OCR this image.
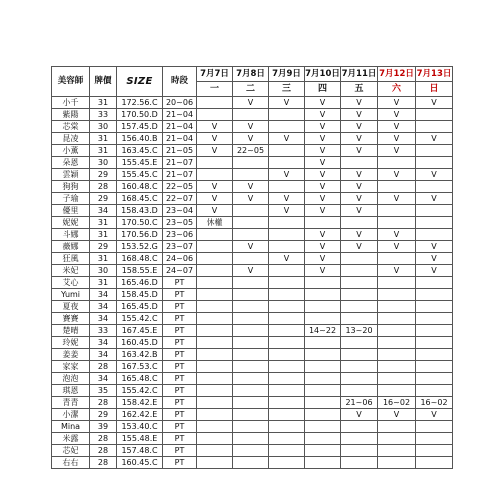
美容師	牌價	SIZE	時段	7月7日	7月8日	7月9日	7月10日	7月11日	7月12日	7月13日
				一	二	三	四	五	六	日
小千	31	172.56.C	20~06		V	V	V	V	V	V
紫陽	33	170.50.D	21~04				V	V	V	
芯棠	30	157.45.D	21~04	V	V		V	V	V	
昆凌	31	156.40.B	21~04	V	V	V	V	V	V	V
小薰	31	163.45.C	21~05	V	22~05		V	V	V	
朵恩	30	155.45.E	21~07				V			
雲穎	29	155.45.C	21~07			V	V	V	V	V
狗狗	28	160.48.C	22~05	V	V		V	V		
子瑜	29	168.45.C	22~07	V	V	V	V	V	V	V
優里	34	158.43.D	23~04	V		V	V	V		
妮妮	31	170.50.C	23~05	休權						
斗娜	31	170.56.D	23~06				V	V	V	
薇娜	29	153.52.G	23~07		V		V	V	V	V
狂風	31	168.48.C	24~06			V	V			V
米妃	30	158.55.E	24~07		V		V		V	V
艾心	31	165.46.D	PT							
Yumi	34	158.45.D	PT							
夏夜	34	165.45.D	PT							
賽賽	34	155.42.C	PT							
楚晴	33	167.45.E	PT				14~22	13~20		
玲妮	34	160.45.D	PT							
姜姜	34	163.42.B	PT							
家家	28	167.53.C	PT							
泡泡	34	165.48.C	PT							
琪恩	35	155.42.C	PT							
青青	28	158.42.E	PT					21~06	16~02	16~02
小潔	29	162.42.E	PT					V	V	V
Mina	39	153.40.C	PT							
米露	28	155.48.E	PT							
芯妃	28	157.48.C	PT							
右右	28	160.45.C	PT							
